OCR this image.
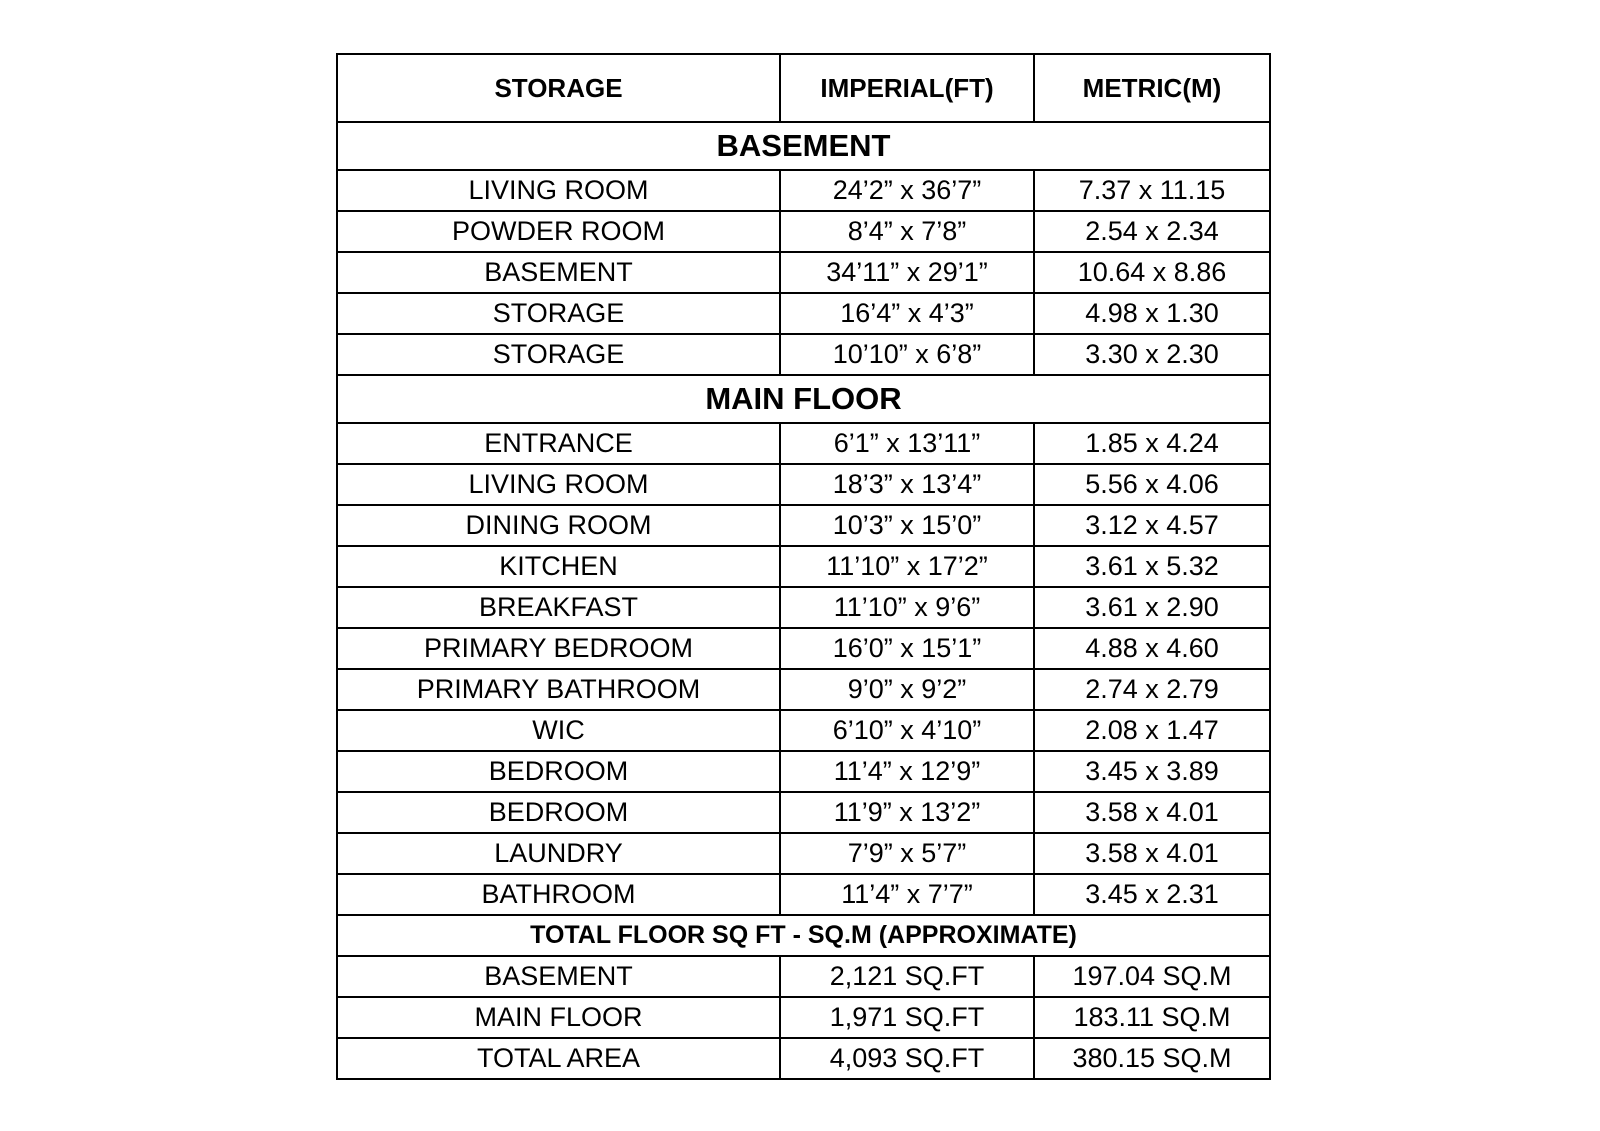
STORAGE	IMPERIAL(FT)	METRIC(M)
BASEMENT		
LIVING ROOM	24’2” x 36’7”	7.37 x 11.15
POWDER ROOM	8’4” x 7’8”	2.54 x 2.34
BASEMENT	34’11” x 29’1”	10.64 x 8.86
STORAGE	16’4” x 4’3”	4.98 x 1.30
STORAGE	10’10” x 6’8”	3.30 x 2.30
MAIN FLOOR		
ENTRANCE	6’1” x 13’11”	1.85 x 4.24
LIVING ROOM	18’3” x 13’4”	5.56 x 4.06
DINING ROOM	10’3” x 15’0”	3.12 x 4.57
KITCHEN	11’10” x 17’2”	3.61 x 5.32
BREAKFAST	11’10” x 9’6”	3.61 x 2.90
PRIMARY BEDROOM	16’0” x 15’1”	4.88 x 4.60
PRIMARY BATHROOM	9’0” x 9’2”	2.74 x 2.79
WIC	6’10” x 4’10”	2.08 x 1.47
BEDROOM	11’4” x 12’9”	3.45 x 3.89
BEDROOM	11’9” x 13’2”	3.58 x 4.01
LAUNDRY	7’9” x 5’7”	3.58 x 4.01
BATHROOM	11’4” x 7’7”	3.45 x 2.31
TOTAL FLOOR SQ FT - SQ.M (APPROXIMATE)		
BASEMENT	2,121 SQ.FT	197.04 SQ.M
MAIN FLOOR	1,971 SQ.FT	183.11 SQ.M
TOTAL AREA	4,093 SQ.FT	380.15 SQ.M
